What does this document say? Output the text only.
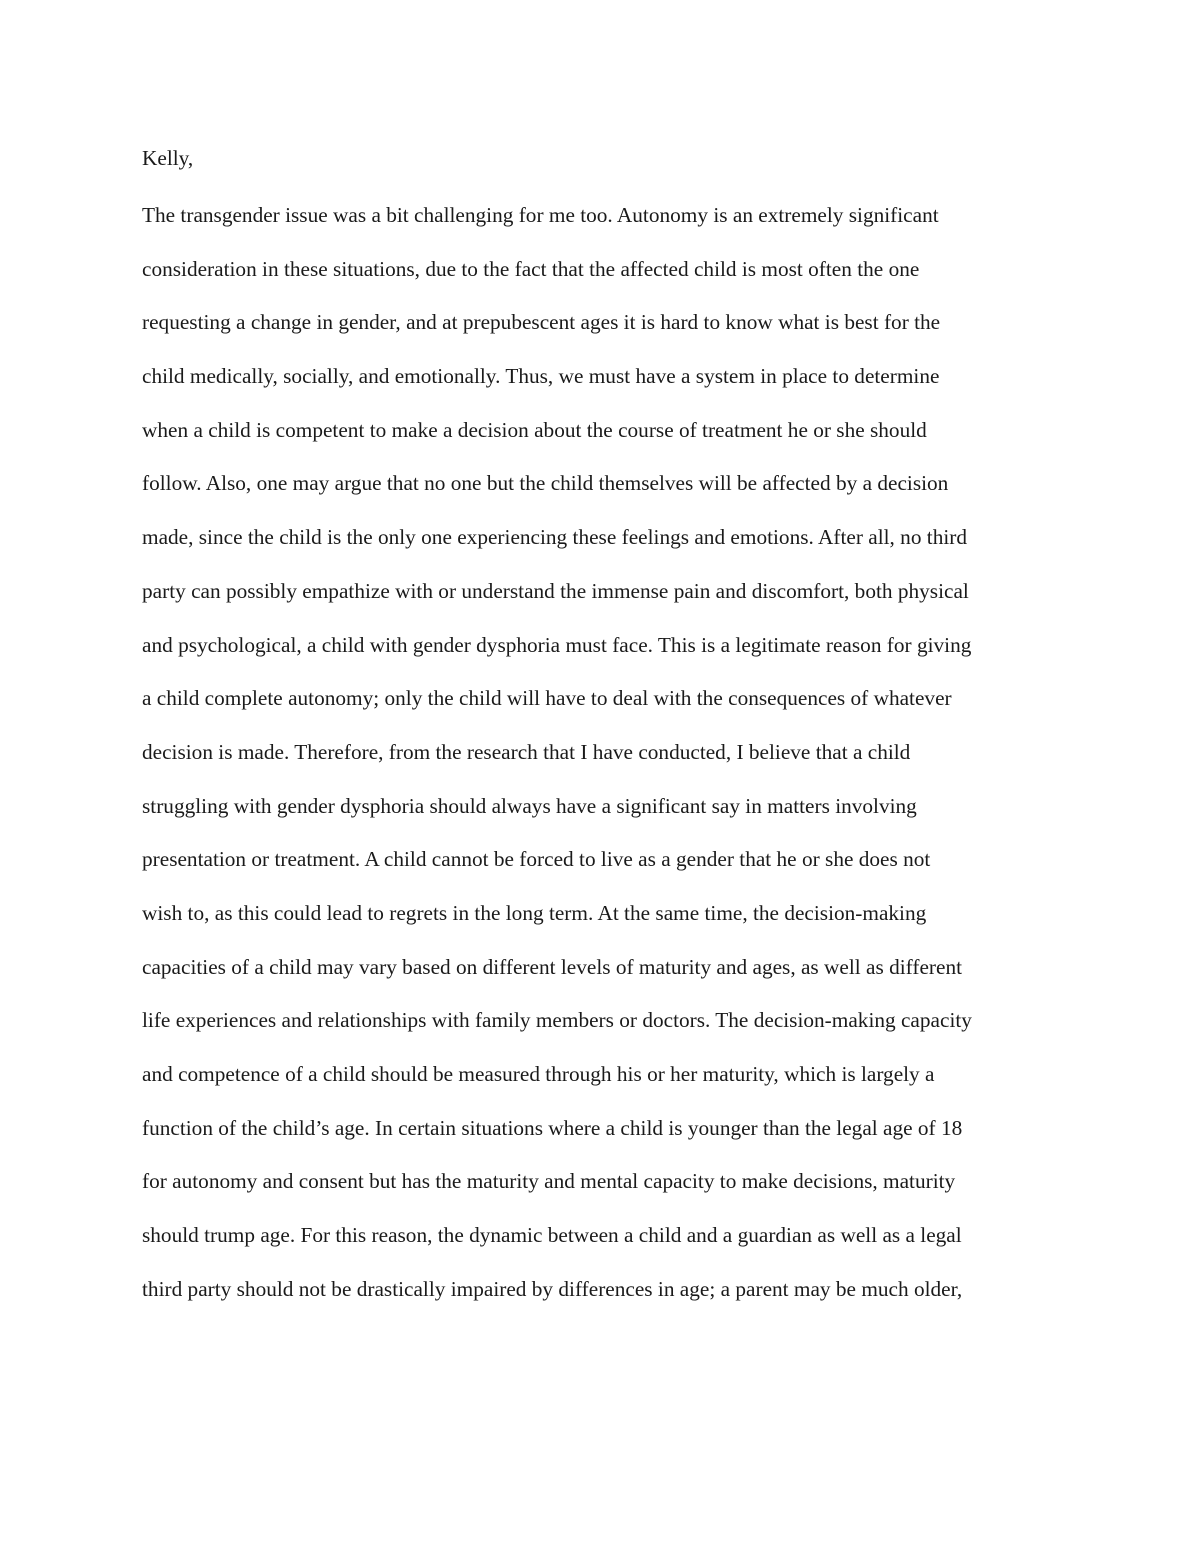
Kelly,
The transgender issue was a bit challenging for me too. Autonomy is an extremely significant
consideration in these situations, due to the fact that the affected child is most often the one
requesting a change in gender, and at prepubescent ages it is hard to know what is best for the
child medically, socially, and emotionally. Thus, we must have a system in place to determine
when a child is competent to make a decision about the course of treatment he or she should
follow. Also, one may argue that no one but the child themselves will be affected by a decision
made, since the child is the only one experiencing these feelings and emotions. After all, no third
party can possibly empathize with or understand the immense pain and discomfort, both physical
and psychological, a child with gender dysphoria must face. This is a legitimate reason for giving
a child complete autonomy; only the child will have to deal with the consequences of whatever
decision is made. Therefore, from the research that I have conducted, I believe that a child
struggling with gender dysphoria should always have a significant say in matters involving
presentation or treatment. A child cannot be forced to live as a gender that he or she does not
wish to, as this could lead to regrets in the long term. At the same time, the decision-making
capacities of a child may vary based on different levels of maturity and ages, as well as different
life experiences and relationships with family members or doctors. The decision-making capacity
and competence of a child should be measured through his or her maturity, which is largely a
function of the child’s age. In certain situations where a child is younger than the legal age of 18
for autonomy and consent but has the maturity and mental capacity to make decisions, maturity
should trump age. For this reason, the dynamic between a child and a guardian as well as a legal
third party should not be drastically impaired by differences in age; a parent may be much older,
